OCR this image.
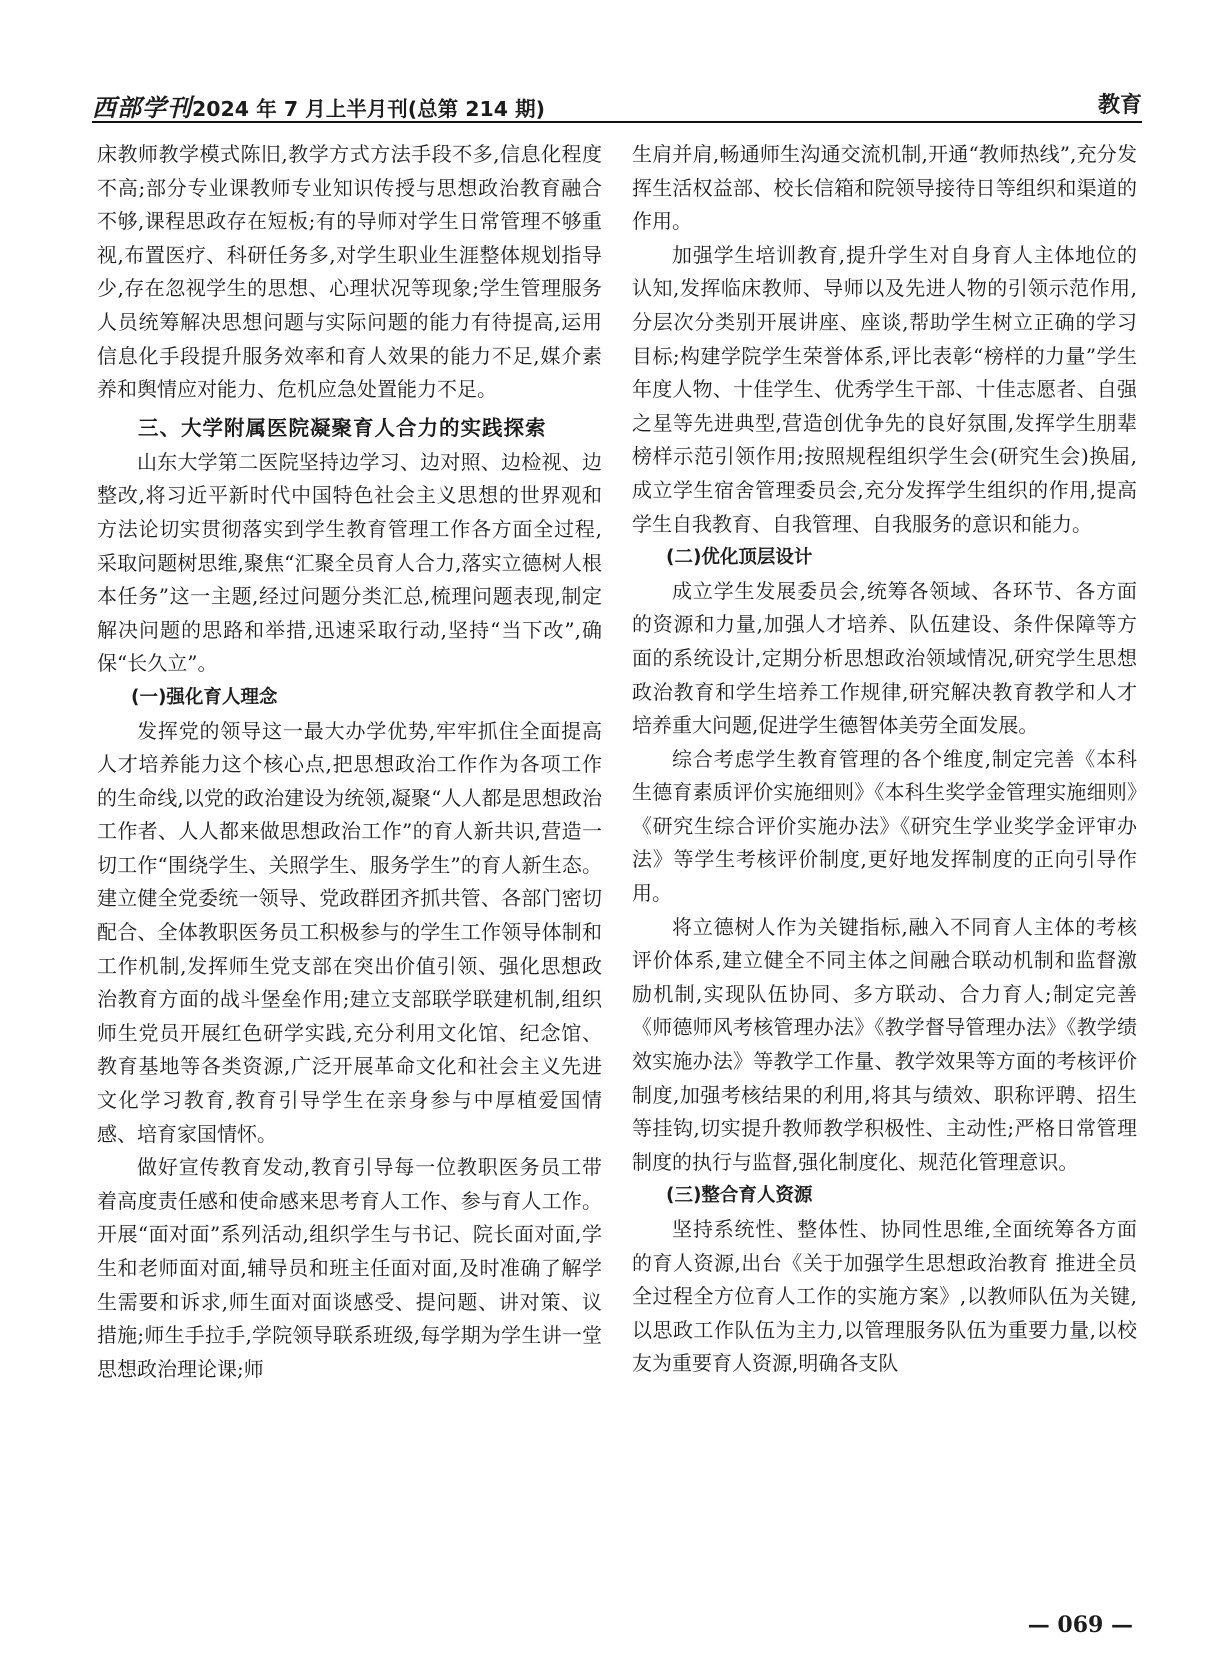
西部学刊2024 年 7 月上半月刊(总第 214 期)	教育

床教师教学模式陈旧,教学方式方法手段不多,信息化程度不高;部分专业课教师专业知识传授与思想政治教育融合不够,课程思政存在短板;有的导师对学生日常管理不够重视,布置医疗、科研任务多,对学生职业生涯整体规划指导少,存在忽视学生的思想、心理状况等现象;学生管理服务人员统筹解决思想问题与实际问题的能力有待提高,运用信息化手段提升服务效率和育人效果的能力不足,媒介素养和舆情应对能力、危机应急处置能力不足。

三、大学附属医院凝聚育人合力的实践探索

山东大学第二医院坚持边学习、边对照、边检视、边整改,将习近平新时代中国特色社会主义思想的世界观和方法论切实贯彻落实到学生教育管理工作各方面全过程,采取问题树思维,聚焦“汇聚全员育人合力,落实立德树人根本任务”这一主题,经过问题分类汇总,梳理问题表现,制定解决问题的思路和举措,迅速采取行动,坚持“当下改”,确保“长久立”。

(一)强化育人理念

发挥党的领导这一最大办学优势,牢牢抓住全面提高人才培养能力这个核心点,把思想政治工作作为各项工作的生命线,以党的政治建设为统领,凝聚“人人都是思想政治工作者、人人都来做思想政治工作”的育人新共识,营造一切工作“围绕学生、关照学生、服务学生”的育人新生态。建立健全党委统一领导、党政群团齐抓共管、各部门密切配合、全体教职医务员工积极参与的学生工作领导体制和工作机制,发挥师生党支部在突出价值引领、强化思想政治教育方面的战斗堡垒作用;建立支部联学联建机制,组织师生党员开展红色研学实践,充分利用文化馆、纪念馆、教育基地等各类资源,广泛开展革命文化和社会主义先进文化学习教育,教育引导学生在亲身参与中厚植爱国情感、培育家国情怀。

做好宣传教育发动,教育引导每一位教职医务员工带着高度责任感和使命感来思考育人工作、参与育人工作。开展“面对面”系列活动,组织学生与书记、院长面对面,学生和老师面对面,辅导员和班主任面对面,及时准确了解学生需要和诉求,师生面对面谈感受、提问题、讲对策、议措施;师生手拉手,学院领导联系班级,每学期为学生讲一堂思想政治理论课;师

生肩并肩,畅通师生沟通交流机制,开通“教师热线”,充分发挥生活权益部、校长信箱和院领导接待日等组织和渠道的作用。

加强学生培训教育,提升学生对自身育人主体地位的认知,发挥临床教师、导师以及先进人物的引领示范作用,分层次分类别开展讲座、座谈,帮助学生树立正确的学习目标;构建学院学生荣誉体系,评比表彰“榜样的力量”学生年度人物、十佳学生、优秀学生干部、十佳志愿者、自强之星等先进典型,营造创优争先的良好氛围,发挥学生朋辈榜样示范引领作用;按照规程组织学生会(研究生会)换届,成立学生宿舍管理委员会,充分发挥学生组织的作用,提高学生自我教育、自我管理、自我服务的意识和能力。

(二)优化顶层设计

成立学生发展委员会,统筹各领域、各环节、各方面的资源和力量,加强人才培养、队伍建设、条件保障等方面的系统设计,定期分析思想政治领域情况,研究学生思想政治教育和学生培养工作规律,研究解决教育教学和人才培养重大问题,促进学生德智体美劳全面发展。

综合考虑学生教育管理的各个维度,制定完善《本科生德育素质评价实施细则》《本科生奖学金管理实施细则》《研究生综合评价实施办法》《研究生学业奖学金评审办法》等学生考核评价制度,更好地发挥制度的正向引导作用。

将立德树人作为关键指标,融入不同育人主体的考核评价体系,建立健全不同主体之间融合联动机制和监督激励机制,实现队伍协同、多方联动、合力育人;制定完善《师德师风考核管理办法》《教学督导管理办法》《教学绩效实施办法》等教学工作量、教学效果等方面的考核评价制度,加强考核结果的利用,将其与绩效、职称评聘、招生等挂钩,切实提升教师教学积极性、主动性;严格日常管理制度的执行与监督,强化制度化、规范化管理意识。

(三)整合育人资源

坚持系统性、整体性、协同性思维,全面统筹各方面的育人资源,出台《关于加强学生思想政治教育 推进全员全过程全方位育人工作的实施方案》,以教师队伍为关键,以思政工作队伍为主力,以管理服务队伍为重要力量,以校友为重要育人资源,明确各支队

— 069 —
